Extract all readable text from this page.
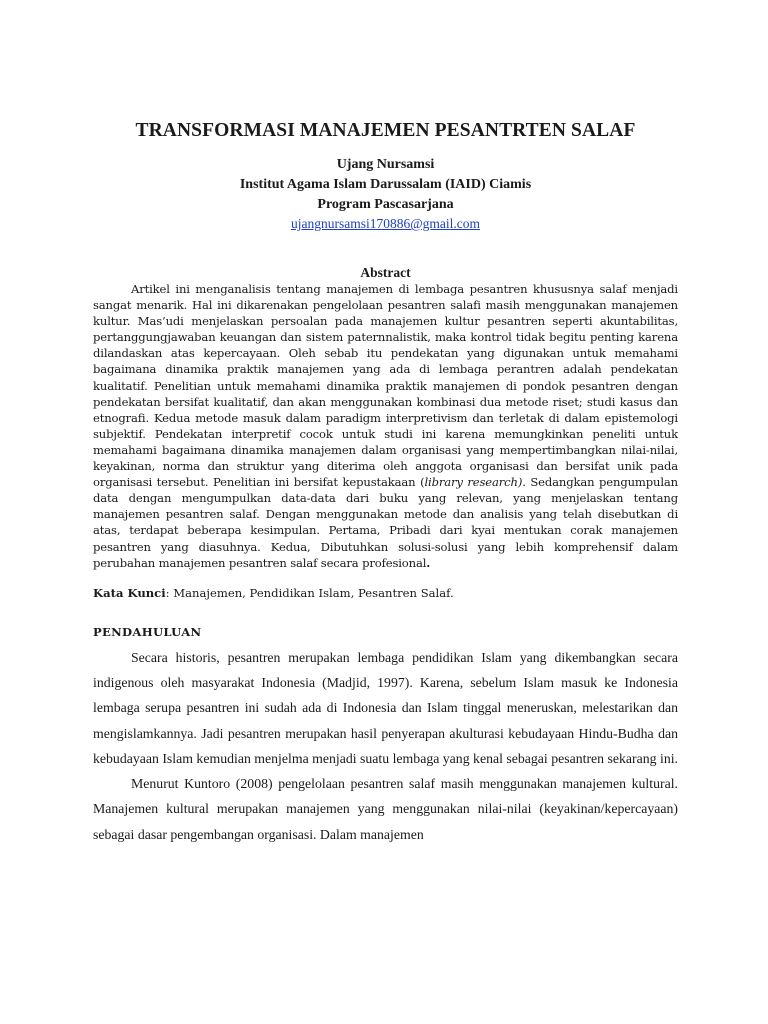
TRANSFORMASI MANAJEMEN PESANTRTEN SALAF
Ujang Nursamsi
Institut Agama Islam Darussalam (IAID) Ciamis
Program Pascasarjana
ujangnursamsi170886@gmail.com
Abstract

Artikel ini menganalisis tentang manajemen di lembaga pesantren khususnya salaf menjadi sangat menarik. Hal ini dikarenakan pengelolaan pesantren salafi masih menggunakan manajemen kultur. Mas’udi menjelaskan persoalan pada manajemen kultur pesantren seperti akuntabilitas, pertanggungjawaban keuangan dan sistem paternnalistik, maka kontrol tidak begitu penting karena dilandaskan atas kepercayaan. Oleh sebab itu pendekatan yang digunakan untuk memahami bagaimana dinamika praktik manajemen yang ada di lembaga perantren adalah pendekatan kualitatif. Penelitian untuk memahami dinamika praktik manajemen di pondok pesantren dengan pendekatan bersifat kualitatif, dan akan menggunakan kombinasi dua metode riset; studi kasus dan etnografi. Kedua metode masuk dalam paradigm interpretivism dan terletak di dalam epistemologi subjektif. Pendekatan interpretif cocok untuk studi ini karena memungkinkan peneliti untuk memahami bagaimana dinamika manajemen dalam organisasi yang mempertimbangkan nilai-nilai, keyakinan, norma dan struktur yang diterima oleh anggota organisasi dan bersifat unik pada organisasi tersebut. Penelitian ini bersifat kepustakaan (library research). Sedangkan pengumpulan data dengan mengumpulkan data-data dari buku yang relevan, yang menjelaskan tentang manajemen pesantren salaf. Dengan menggunakan metode dan analisis yang telah disebutkan di atas, terdapat beberapa kesimpulan. Pertama, Pribadi dari kyai mentukan corak manajemen pesantren yang diasuhnya. Kedua, Dibutuhkan solusi-solusi yang lebih komprehensif dalam perubahan manajemen pesantren salaf secara profesional.

Kata Kunci: Manajemen, Pendidikan Islam, Pesantren Salaf.
PENDAHULUAN

Secara historis, pesantren merupakan lembaga pendidikan Islam yang dikembangkan secara indigenous oleh masyarakat Indonesia (Madjid, 1997). Karena, sebelum Islam masuk ke Indonesia lembaga serupa pesantren ini sudah ada di Indonesia dan Islam tinggal meneruskan, melestarikan dan mengislamkannya. Jadi pesantren merupakan hasil penyerapan akulturasi kebudayaan Hindu-Budha dan kebudayaan Islam kemudian menjelma menjadi suatu lembaga yang kenal sebagai pesantren sekarang ini.

Menurut Kuntoro (2008) pengelolaan pesantren salaf masih menggunakan manajemen kultural. Manajemen kultural merupakan manajemen yang menggunakan nilai-nilai (keyakinan/kepercayaan) sebagai dasar pengembangan organisasi. Dalam manajemen
